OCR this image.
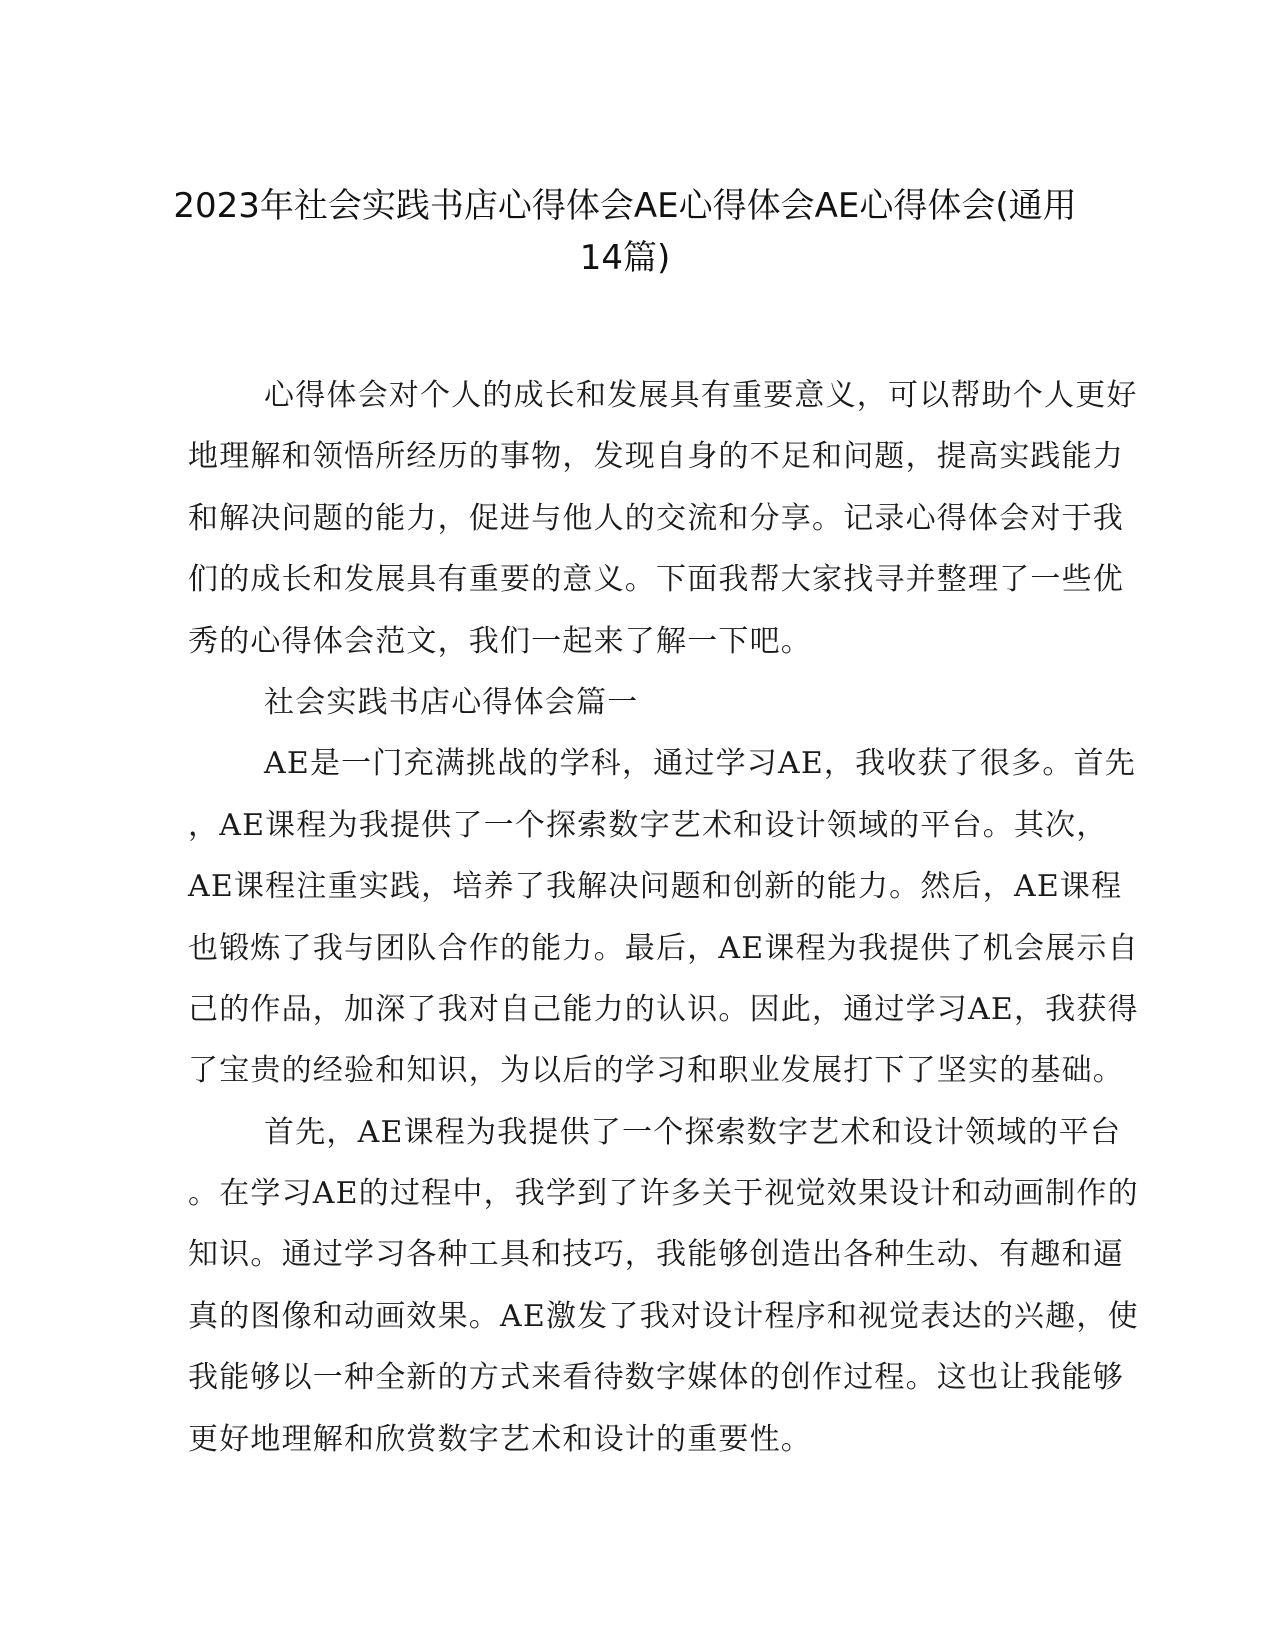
2023年社会实践书店心得体会AE心得体会AE心得体会(通用
14篇)
心得体会对个人的成长和发展具有重要意义，可以帮助个人更好
地理解和领悟所经历的事物，发现自身的不足和问题，提高实践能力
和解决问题的能力，促进与他人的交流和分享。记录心得体会对于我
们的成长和发展具有重要的意义。下面我帮大家找寻并整理了一些优
秀的心得体会范文，我们一起来了解一下吧。
社会实践书店心得体会篇一
AE是一门充满挑战的学科，通过学习AE，我收获了很多。首先
，AE课程为我提供了一个探索数字艺术和设计领域的平台。其次，
AE课程注重实践，培养了我解决问题和创新的能力。然后，AE课程
也锻炼了我与团队合作的能力。最后，AE课程为我提供了机会展示自
己的作品，加深了我对自己能力的认识。因此，通过学习AE，我获得
了宝贵的经验和知识，为以后的学习和职业发展打下了坚实的基础。
首先，AE课程为我提供了一个探索数字艺术和设计领域的平台
。在学习AE的过程中，我学到了许多关于视觉效果设计和动画制作的
知识。通过学习各种工具和技巧，我能够创造出各种生动、有趣和逼
真的图像和动画效果。AE激发了我对设计程序和视觉表达的兴趣，使
我能够以一种全新的方式来看待数字媒体的创作过程。这也让我能够
更好地理解和欣赏数字艺术和设计的重要性。
